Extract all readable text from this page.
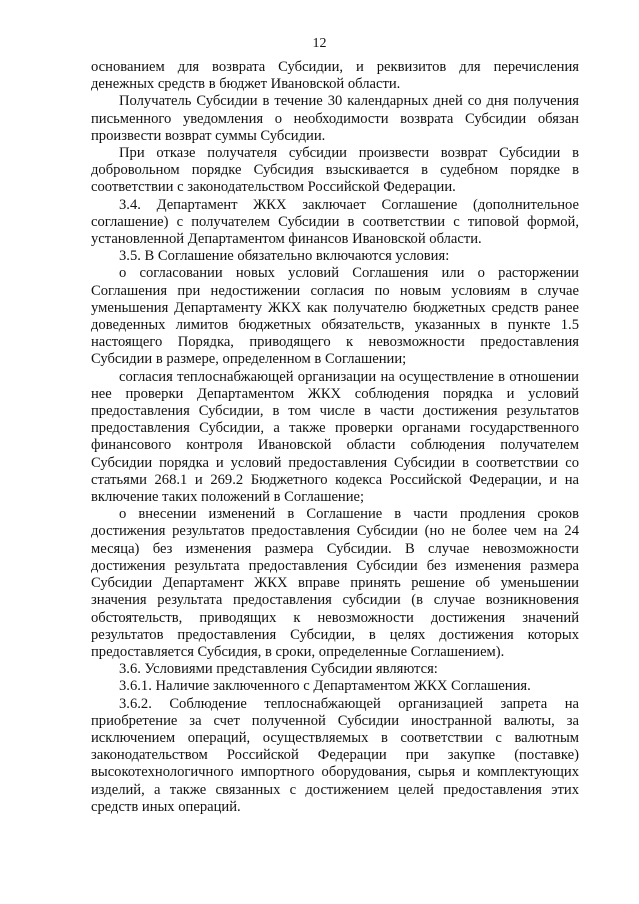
12

основанием для возврата Субсидии, и реквизитов для перечисления денежных средств в бюджет Ивановской области.

Получатель Субсидии в течение 30 календарных дней со дня получения письменного уведомления о необходимости возврата Субсидии обязан произвести возврат суммы Субсидии.

При отказе получателя субсидии произвести возврат Субсидии в добровольном порядке Субсидия взыскивается в судебном порядке в соответствии с законодательством Российской Федерации.

3.4. Департамент ЖКХ заключает Соглашение (дополнительное соглашение) с получателем Субсидии в соответствии с типовой формой, установленной Департаментом финансов Ивановской области.

3.5. В Соглашение обязательно включаются условия:

о согласовании новых условий Соглашения или о расторжении Соглашения при недостижении согласия по новым условиям в случае уменьшения Департаменту ЖКХ как получателю бюджетных средств ранее доведенных лимитов бюджетных обязательств, указанных в пункте 1.5 настоящего Порядка, приводящего к невозможности предоставления Субсидии в размере, определенном в Соглашении;

согласия теплоснабжающей организации на осуществление в отношении нее проверки Департаментом ЖКХ соблюдения порядка и условий предоставления Субсидии, в том числе в части достижения результатов предоставления Субсидии, а также проверки органами государственного финансового контроля Ивановской области соблюдения получателем Субсидии порядка и условий предоставления Субсидии в соответствии со статьями 268.1 и 269.2 Бюджетного кодекса Российской Федерации, и на включение таких положений в Соглашение;

о внесении изменений в Соглашение в части продления сроков достижения результатов предоставления Субсидии (но не более чем на 24 месяца) без изменения размера Субсидии. В случае невозможности достижения результата предоставления Субсидии без изменения размера Субсидии Департамент ЖКХ вправе принять решение об уменьшении значения результата предоставления субсидии (в случае возникновения обстоятельств, приводящих к невозможности достижения значений результатов предоставления Субсидии, в целях достижения которых предоставляется Субсидия, в сроки, определенные Соглашением).

3.6. Условиями представления Субсидии являются:

3.6.1. Наличие заключенного с Департаментом ЖКХ Соглашения.

3.6.2. Соблюдение теплоснабжающей организацией запрета на приобретение за счет полученной Субсидии иностранной валюты, за исключением операций, осуществляемых в соответствии с валютным законодательством Российской Федерации при закупке (поставке) высокотехнологичного импортного оборудования, сырья и комплектующих изделий, а также связанных с достижением целей предоставления этих средств иных операций.
